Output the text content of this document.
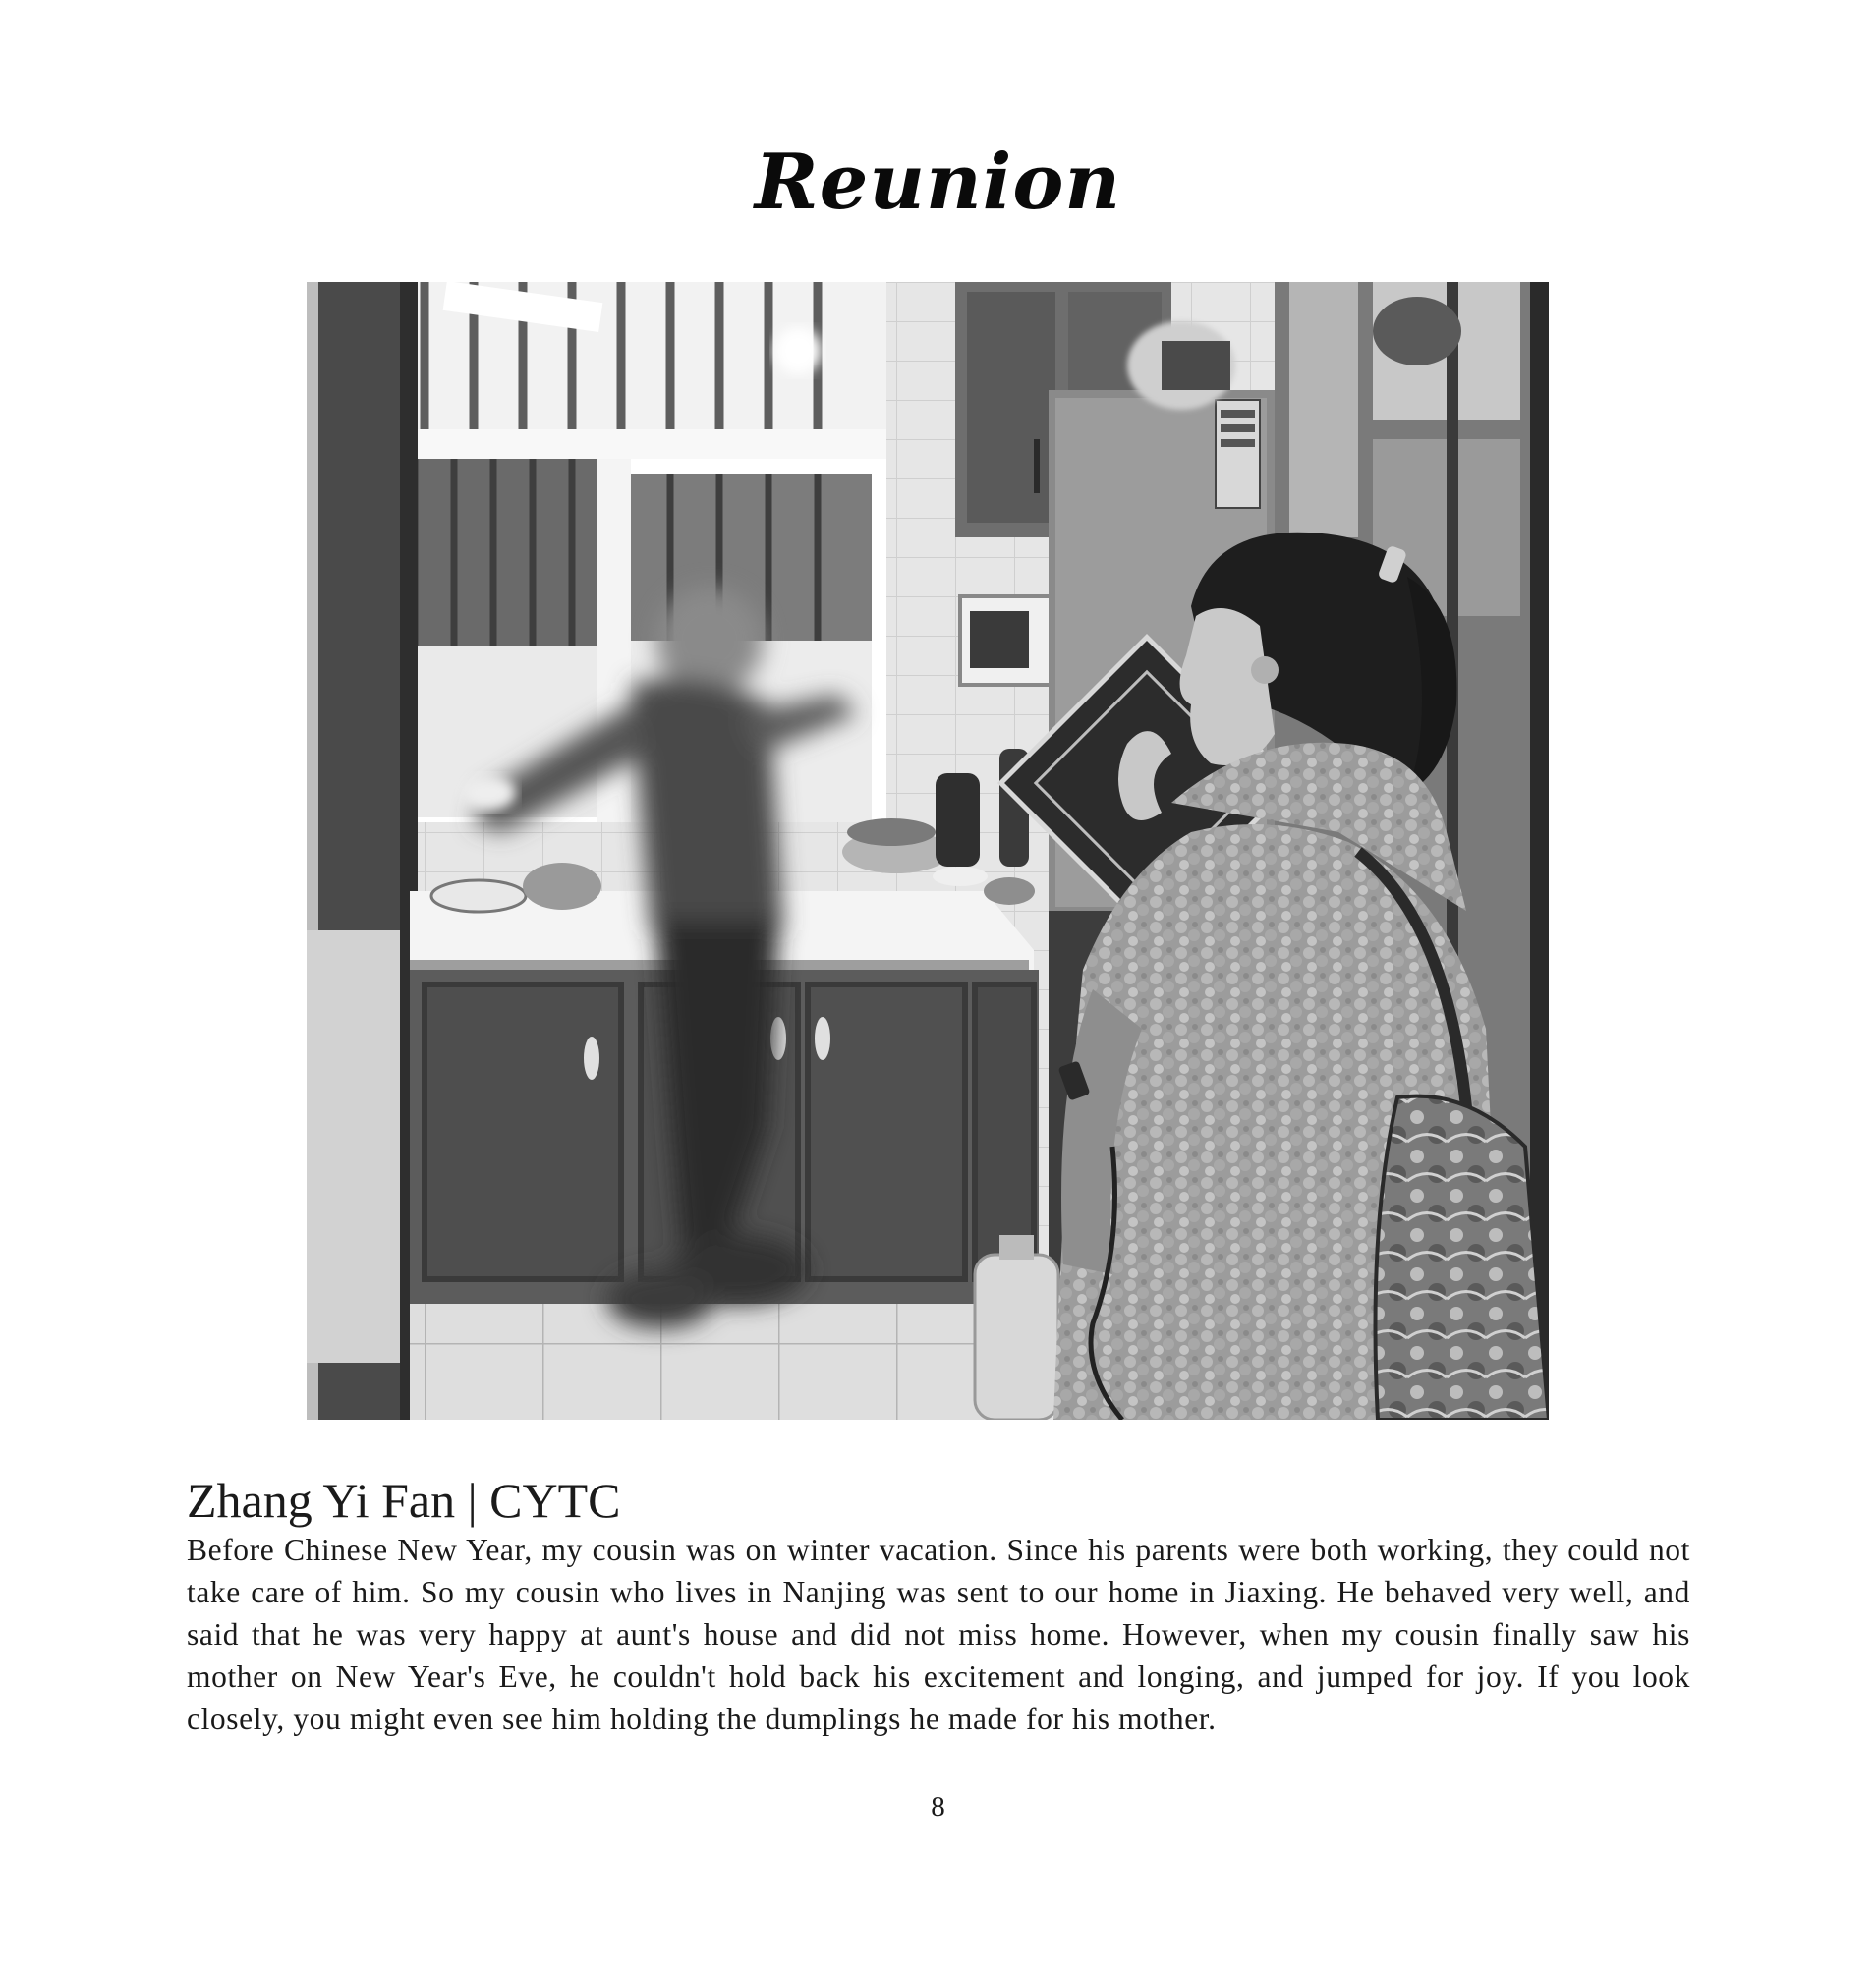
Reunion

Zhang Yi Fan | CYTC

Before Chinese New Year, my cousin was on winter vacation. Since his parents were both working, they could not take care of him. So my cousin who lives in Nanjing was sent to our home in Jiaxing. He behaved very well, and said that he was very happy at aunt's house and did not miss home. However, when my cousin finally saw his mother on New Year's Eve, he couldn't hold back his excitement and longing, and jumped for joy. If you look closely, you might even see him holding the dumplings he made for his mother.

8
